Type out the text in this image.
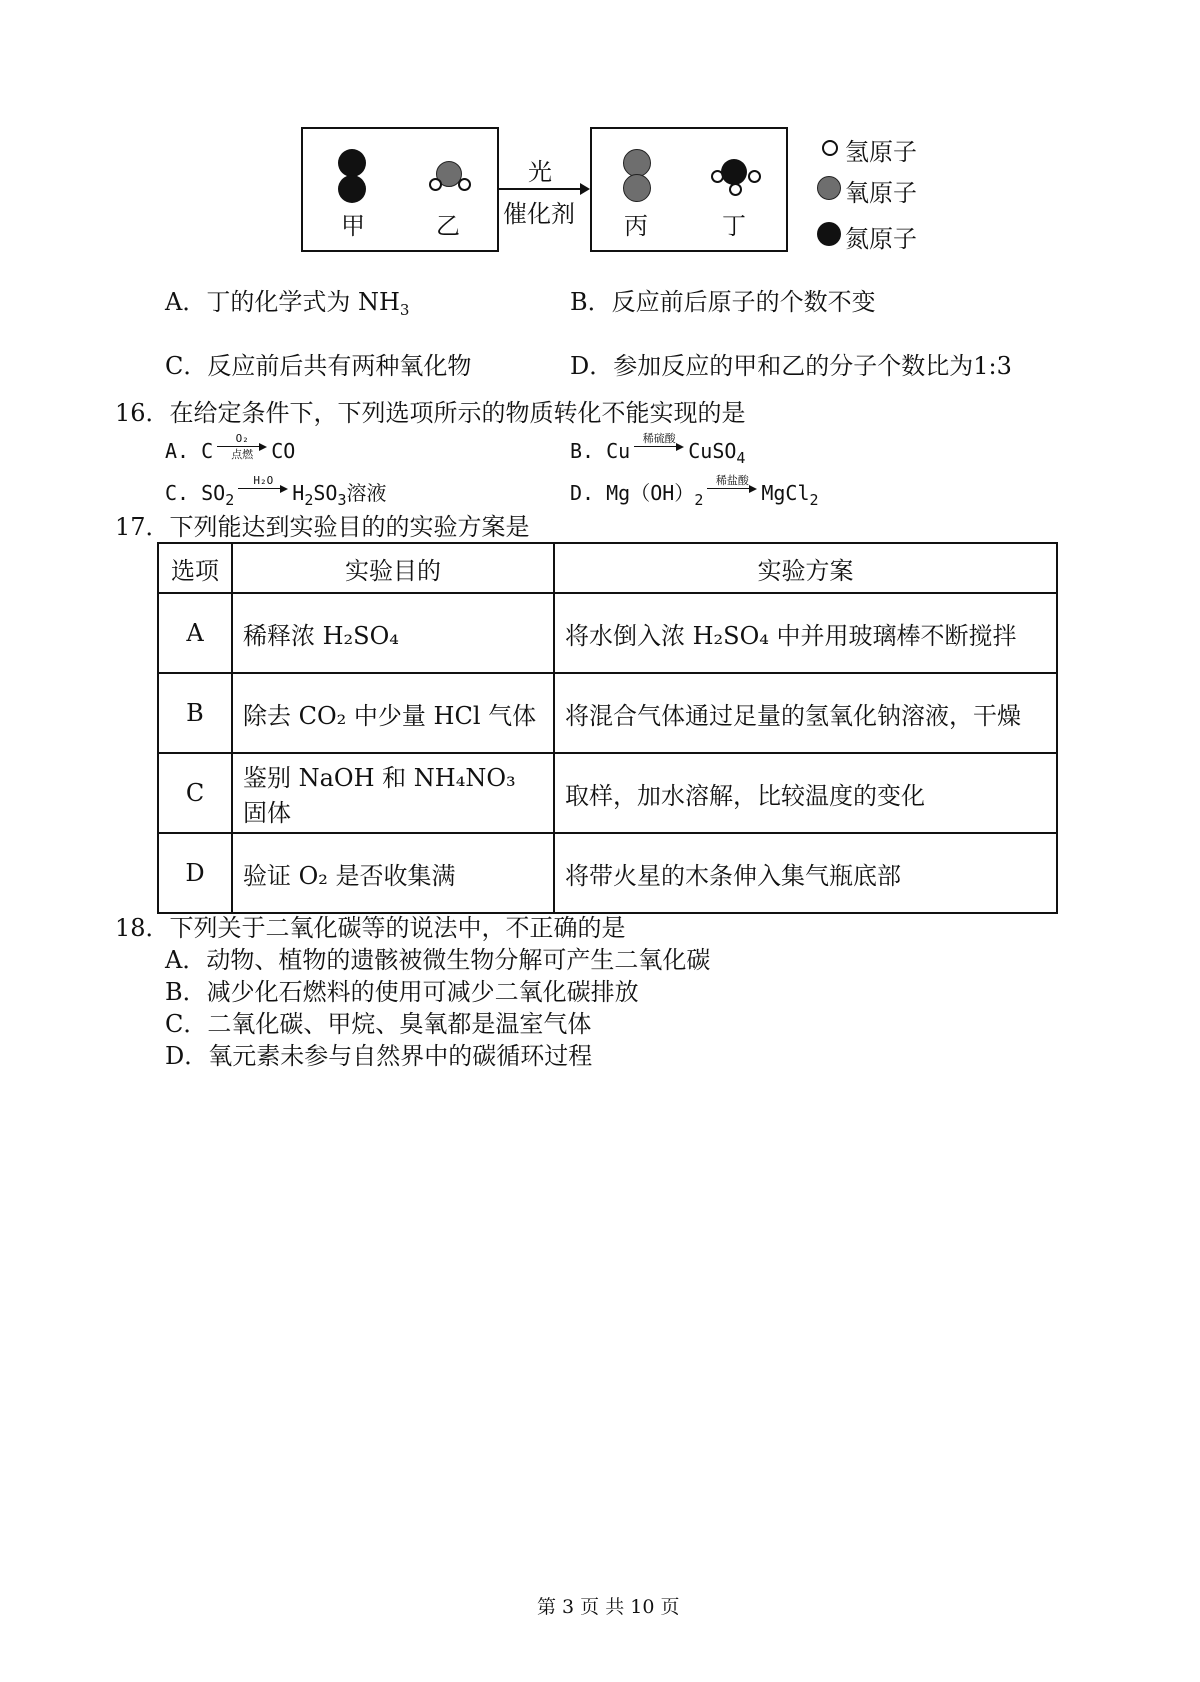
甲	乙
光
催化剂 丙	丁
氢原子
氧原子
氮原子
A．丁的化学式为 $NH_3$	B．反应前后原子的个数不变
C．反应前后共有两种氧化物	D．参加反应的甲和乙的分子个数比为1:3
16．在给定条件下，下列选项所示的物质转化不能实现的是
A. C
O₂
点燃 CO	B. Cu
稀硫酸
CuSO$_4$
C. $SO_2$
H₂O
$H_2SO_3$溶液	D. $Mg(OH)_2$
稀盐酸
MgCl$_2$
17．下列能达到实验目的的实验方案是
选项	实验目的	实验方案
A	稀释浓 H₂SO₄	将水倒入浓 H₂SO₄ 中并用玻璃棒不断搅拌
B	除去 CO₂ 中少量 HCl 气体	将混合气体通过足量的氢氧化钠溶液，干燥
C	鉴别 NaOH 和 NH₄NO₃ 固体	取样，加水溶解，比较温度的变化
D	验证 O₂ 是否收集满	将带火星的木条伸入集气瓶底部
18．下列关于二氧化碳等的说法中，不正确的是
A．动物、植物的遗骸被微生物分解可产生二氧化碳
B．减少化石燃料的使用可减少二氧化碳排放
C．二氧化碳、甲烷、臭氧都是温室气体
D．氧元素未参与自然界中的碳循环过程
第 3 页 共 10 页
